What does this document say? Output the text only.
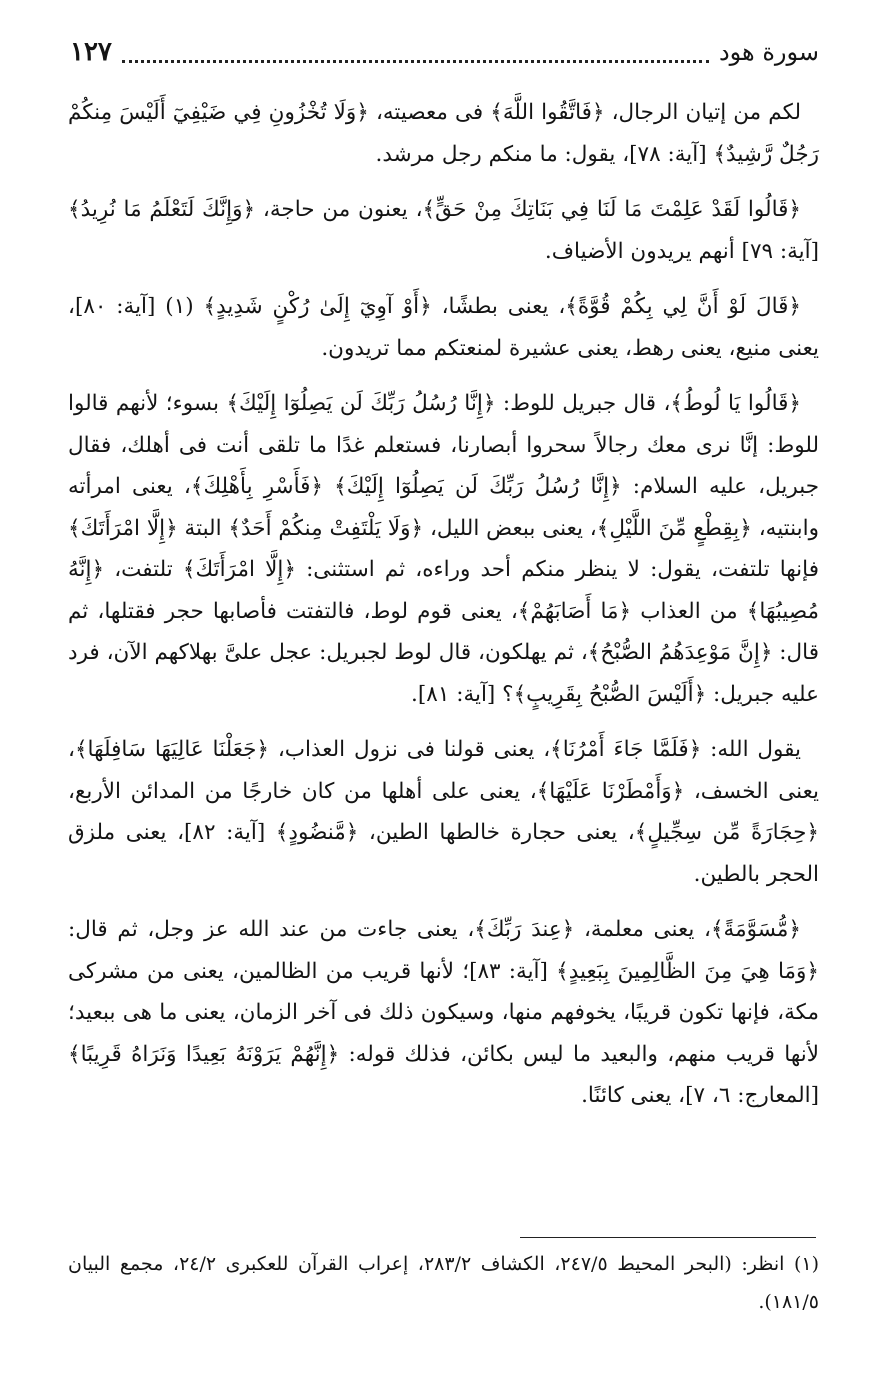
سورة هود
١٢٧

لكم من إتيان الرجال، ﴿فَاتَّقُوا اللَّهَ﴾ فى معصيته، ﴿وَلَا تُخْزُونِ فِي ضَيْفِيٓ أَلَيْسَ مِنكُمْ رَجُلٌ رَّشِيدٌ﴾ [آية: ٧٨]، يقول: ما منكم رجل مرشد.

﴿قَالُوا لَقَدْ عَلِمْتَ مَا لَنَا فِي بَنَاتِكَ مِنْ حَقٍّ﴾، يعنون من حاجة، ﴿وَإِنَّكَ لَتَعْلَمُ مَا نُرِيدُ﴾ [آية: ٧٩] أنهم يريدون الأضياف.

﴿قَالَ لَوْ أَنَّ لِي بِكُمْ قُوَّةً﴾، يعنى بطشًا، ﴿أَوْ آوِيٓ إِلَىٰ رُكْنٍ شَدِيدٍ﴾ (١) [آية: ٨٠]، يعنى منيع، يعنى رهط، يعنى عشيرة لمنعتكم مما تريدون.

﴿قَالُوا يَا لُوطُ﴾، قال جبريل للوط: ﴿إِنَّا رُسُلُ رَبِّكَ لَن يَصِلُوٓا إِلَيْكَ﴾ بسوء؛ لأنهم قالوا للوط: إنَّا نرى معك رجالاً سحروا أبصارنا، فستعلم غدًا ما تلقى أنت فى أهلك، فقال جبريل، عليه السلام: ﴿إِنَّا رُسُلُ رَبِّكَ لَن يَصِلُوٓا إِلَيْكَ﴾ ﴿فَأَسْرِ بِأَهْلِكَ﴾، يعنى امرأته وابنتيه، ﴿بِقِطْعٍ مِّنَ اللَّيْلِ﴾، يعنى ببعض الليل، ﴿وَلَا يَلْتَفِتْ مِنكُمْ أَحَدٌ﴾ البتة ﴿إِلَّا امْرَأَتَكَ﴾ فإنها تلتفت، يقول: لا ينظر منكم أحد وراءه، ثم استثنى: ﴿إِلَّا امْرَأَتَكَ﴾ تلتفت، ﴿إِنَّهُ مُصِيبُهَا﴾ من العذاب ﴿مَا أَصَابَهُمْ﴾، يعنى قوم لوط، فالتفتت فأصابها حجر فقتلها، ثم قال: ﴿إِنَّ مَوْعِدَهُمُ الصُّبْحُ﴾، ثم يهلكون، قال لوط لجبريل: عجل علىَّ بهلاكهم الآن، فرد عليه جبريل: ﴿أَلَيْسَ الصُّبْحُ بِقَرِيبٍ﴾؟ [آية: ٨١].

يقول الله: ﴿فَلَمَّا جَاءَ أَمْرُنَا﴾، يعنى قولنا فى نزول العذاب، ﴿جَعَلْنَا عَالِيَهَا سَافِلَهَا﴾، يعنى الخسف، ﴿وَأَمْطَرْنَا عَلَيْهَا﴾، يعنى على أهلها من كان خارجًا من المدائن الأربع، ﴿حِجَارَةً مِّن سِجِّيلٍ﴾، يعنى حجارة خالطها الطين، ﴿مَّنضُودٍ﴾ [آية: ٨٢]، يعنى ملزق الحجر بالطين.

﴿مُّسَوَّمَةً﴾، يعنى معلمة، ﴿عِندَ رَبِّكَ﴾، يعنى جاءت من عند الله عز وجل، ثم قال: ﴿وَمَا هِيَ مِنَ الظَّالِمِينَ بِبَعِيدٍ﴾ [آية: ٨٣]؛ لأنها قريب من الظالمين، يعنى من مشركى مكة، فإنها تكون قريبًا، يخوفهم منها، وسيكون ذلك فى آخر الزمان، يعنى ما هى ببعيد؛ لأنها قريب منهم، والبعيد ما ليس بكائن، فذلك قوله: ﴿إِنَّهُمْ يَرَوْنَهُ بَعِيدًا وَنَرَاهُ قَرِيبًا﴾ [المعارج: ٦، ٧]، يعنى كائنًا.

(١) انظر: (البحر المحيط ٢٤٧/٥، الكشاف ٢٨٣/٢، إعراب القرآن للعكبرى ٢٤/٢، مجمع البيان ١٨١/٥).
